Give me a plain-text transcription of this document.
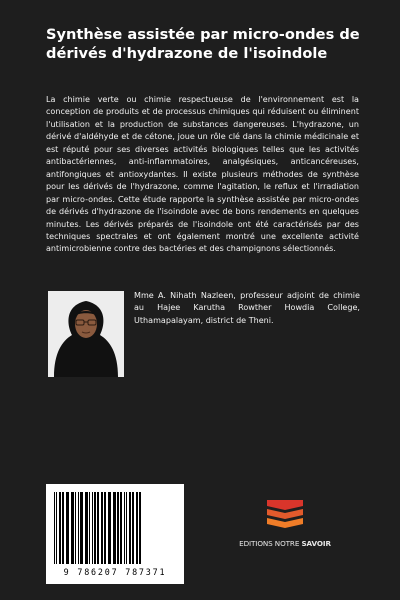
Synthèse assistée par micro-ondes de dérivés d'hydrazone de l'isoindole

La chimie verte ou chimie respectueuse de l'environnement est la conception de produits et de processus chimiques qui réduisent ou éliminent l'utilisation et la production de substances dangereuses. L'hydrazone, un dérivé d'aldéhyde et de cétone, joue un rôle clé dans la chimie médicinale et est réputé pour ses diverses activités biologiques telles que les activités antibactériennes, anti-inflammatoires, analgésiques, anticancéreuses, antifongiques et antioxydantes. Il existe plusieurs méthodes de synthèse pour les dérivés de l'hydrazone, comme l'agitation, le reflux et l'irradiation par micro-ondes. Cette étude rapporte la synthèse assistée par micro-ondes de dérivés d'hydrazone de l'isoindole avec de bons rendements en quelques minutes. Les dérivés préparés de l'isoindole ont été caractérisés par des techniques spectrales et ont également montré une excellente activité antimicrobienne contre des bactéries et des champignons sélectionnés.

Mme A. Nihath Nazleen, professeur adjoint de chimie au Hajee Karutha Rowther Howdia College, Uthamapalayam, district de Theni.

9 786207 787371
EDITIONS NOTRE SAVOIR
